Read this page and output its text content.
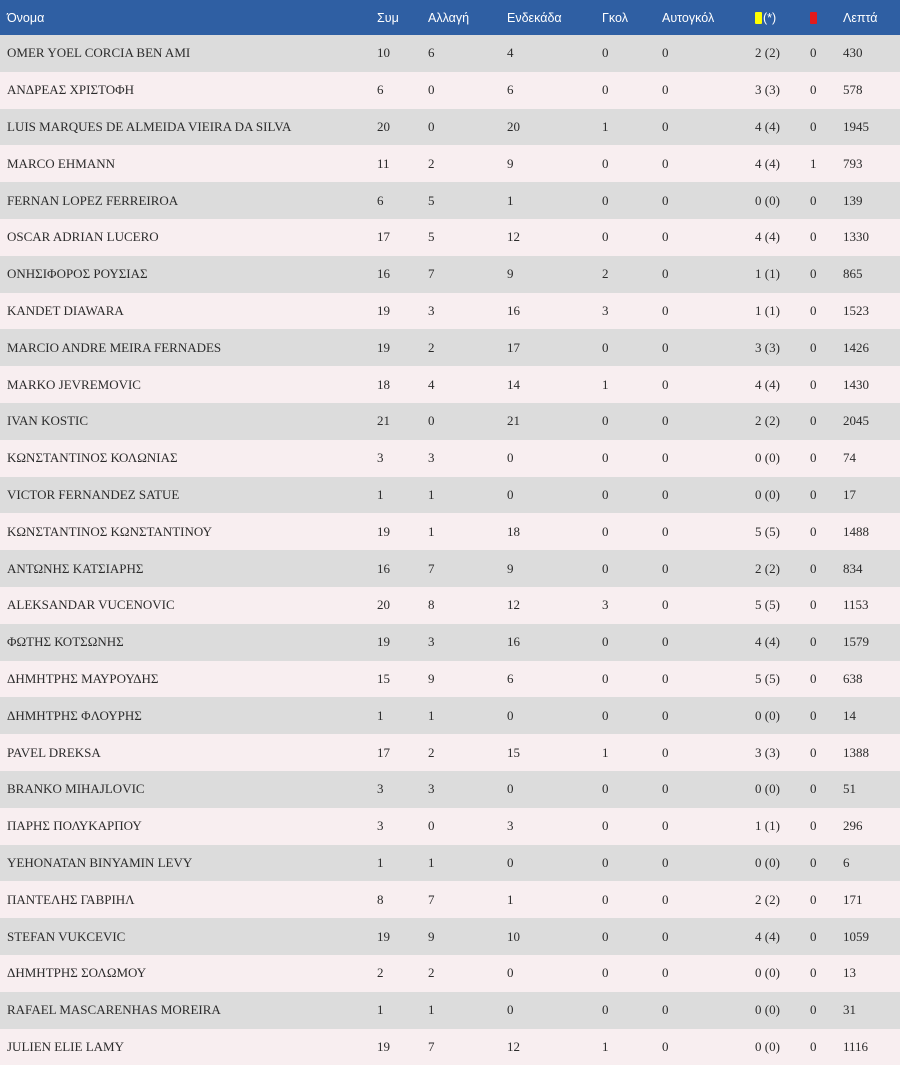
Όνομα	Συμ	Αλλαγή	Ενδεκάδα	Γκολ	Αυτογκόλ	(*)		Λεπτά
OMER YOEL CORCIA BEN AMI	10	6	4	0	0	2 (2)	0	430
ΑΝΔΡΕΑΣ ΧΡΙΣΤΟΦΗ	6	0	6	0	0	3 (3)	0	578
LUIS MARQUES DE ALMEIDA VIEIRA DA SILVA	20	0	20	1	0	4 (4)	0	1945
MARCO EHMANN	11	2	9	0	0	4 (4)	1	793
FERNAN LOPEZ FERREIROA	6	5	1	0	0	0 (0)	0	139
OSCAR ADRIAN LUCERO	17	5	12	0	0	4 (4)	0	1330
ΟΝΗΣΙΦΟΡΟΣ ΡΟΥΣΙΑΣ	16	7	9	2	0	1 (1)	0	865
KANDET DIAWARA	19	3	16	3	0	1 (1)	0	1523
MARCIO ANDRE MEIRA FERNADES	19	2	17	0	0	3 (3)	0	1426
MARKO JEVREMOVIC	18	4	14	1	0	4 (4)	0	1430
IVAN KOSTIC	21	0	21	0	0	2 (2)	0	2045
ΚΩΝΣΤΑΝΤΙΝΟΣ ΚΟΛΩΝΙΑΣ	3	3	0	0	0	0 (0)	0	74
VICTOR FERNANDEZ SATUE	1	1	0	0	0	0 (0)	0	17
ΚΩΝΣΤΑΝΤΙΝΟΣ ΚΩΝΣΤΑΝΤΙΝΟΥ	19	1	18	0	0	5 (5)	0	1488
ΑΝΤΩΝΗΣ ΚΑΤΣΙΑΡΗΣ	16	7	9	0	0	2 (2)	0	834
ALEKSANDAR VUCENOVIC	20	8	12	3	0	5 (5)	0	1153
ΦΩΤΗΣ ΚΟΤΣΩΝΗΣ	19	3	16	0	0	4 (4)	0	1579
ΔΗΜΗΤΡΗΣ ΜΑΥΡΟΥΔΗΣ	15	9	6	0	0	5 (5)	0	638
ΔΗΜΗΤΡΗΣ ΦΛΟΥΡΗΣ	1	1	0	0	0	0 (0)	0	14
PAVEL DREKSA	17	2	15	1	0	3 (3)	0	1388
BRANKO MIHAJLOVIC	3	3	0	0	0	0 (0)	0	51
ΠΑΡΗΣ ΠΟΛΥΚΑΡΠΟΥ	3	0	3	0	0	1 (1)	0	296
YEHONATAN BINYAMIN LEVY	1	1	0	0	0	0 (0)	0	6
ΠΑΝΤΕΛΗΣ ΓΑΒΡΙΗΛ	8	7	1	0	0	2 (2)	0	171
STEFAN VUKCEVIC	19	9	10	0	0	4 (4)	0	1059
ΔΗΜΗΤΡΗΣ ΣΟΛΩΜΟΥ	2	2	0	0	0	0 (0)	0	13
RAFAEL MASCARENHAS MOREIRA	1	1	0	0	0	0 (0)	0	31
JULIEN ELIE LAMY	19	7	12	1	0	0 (0)	0	1116
